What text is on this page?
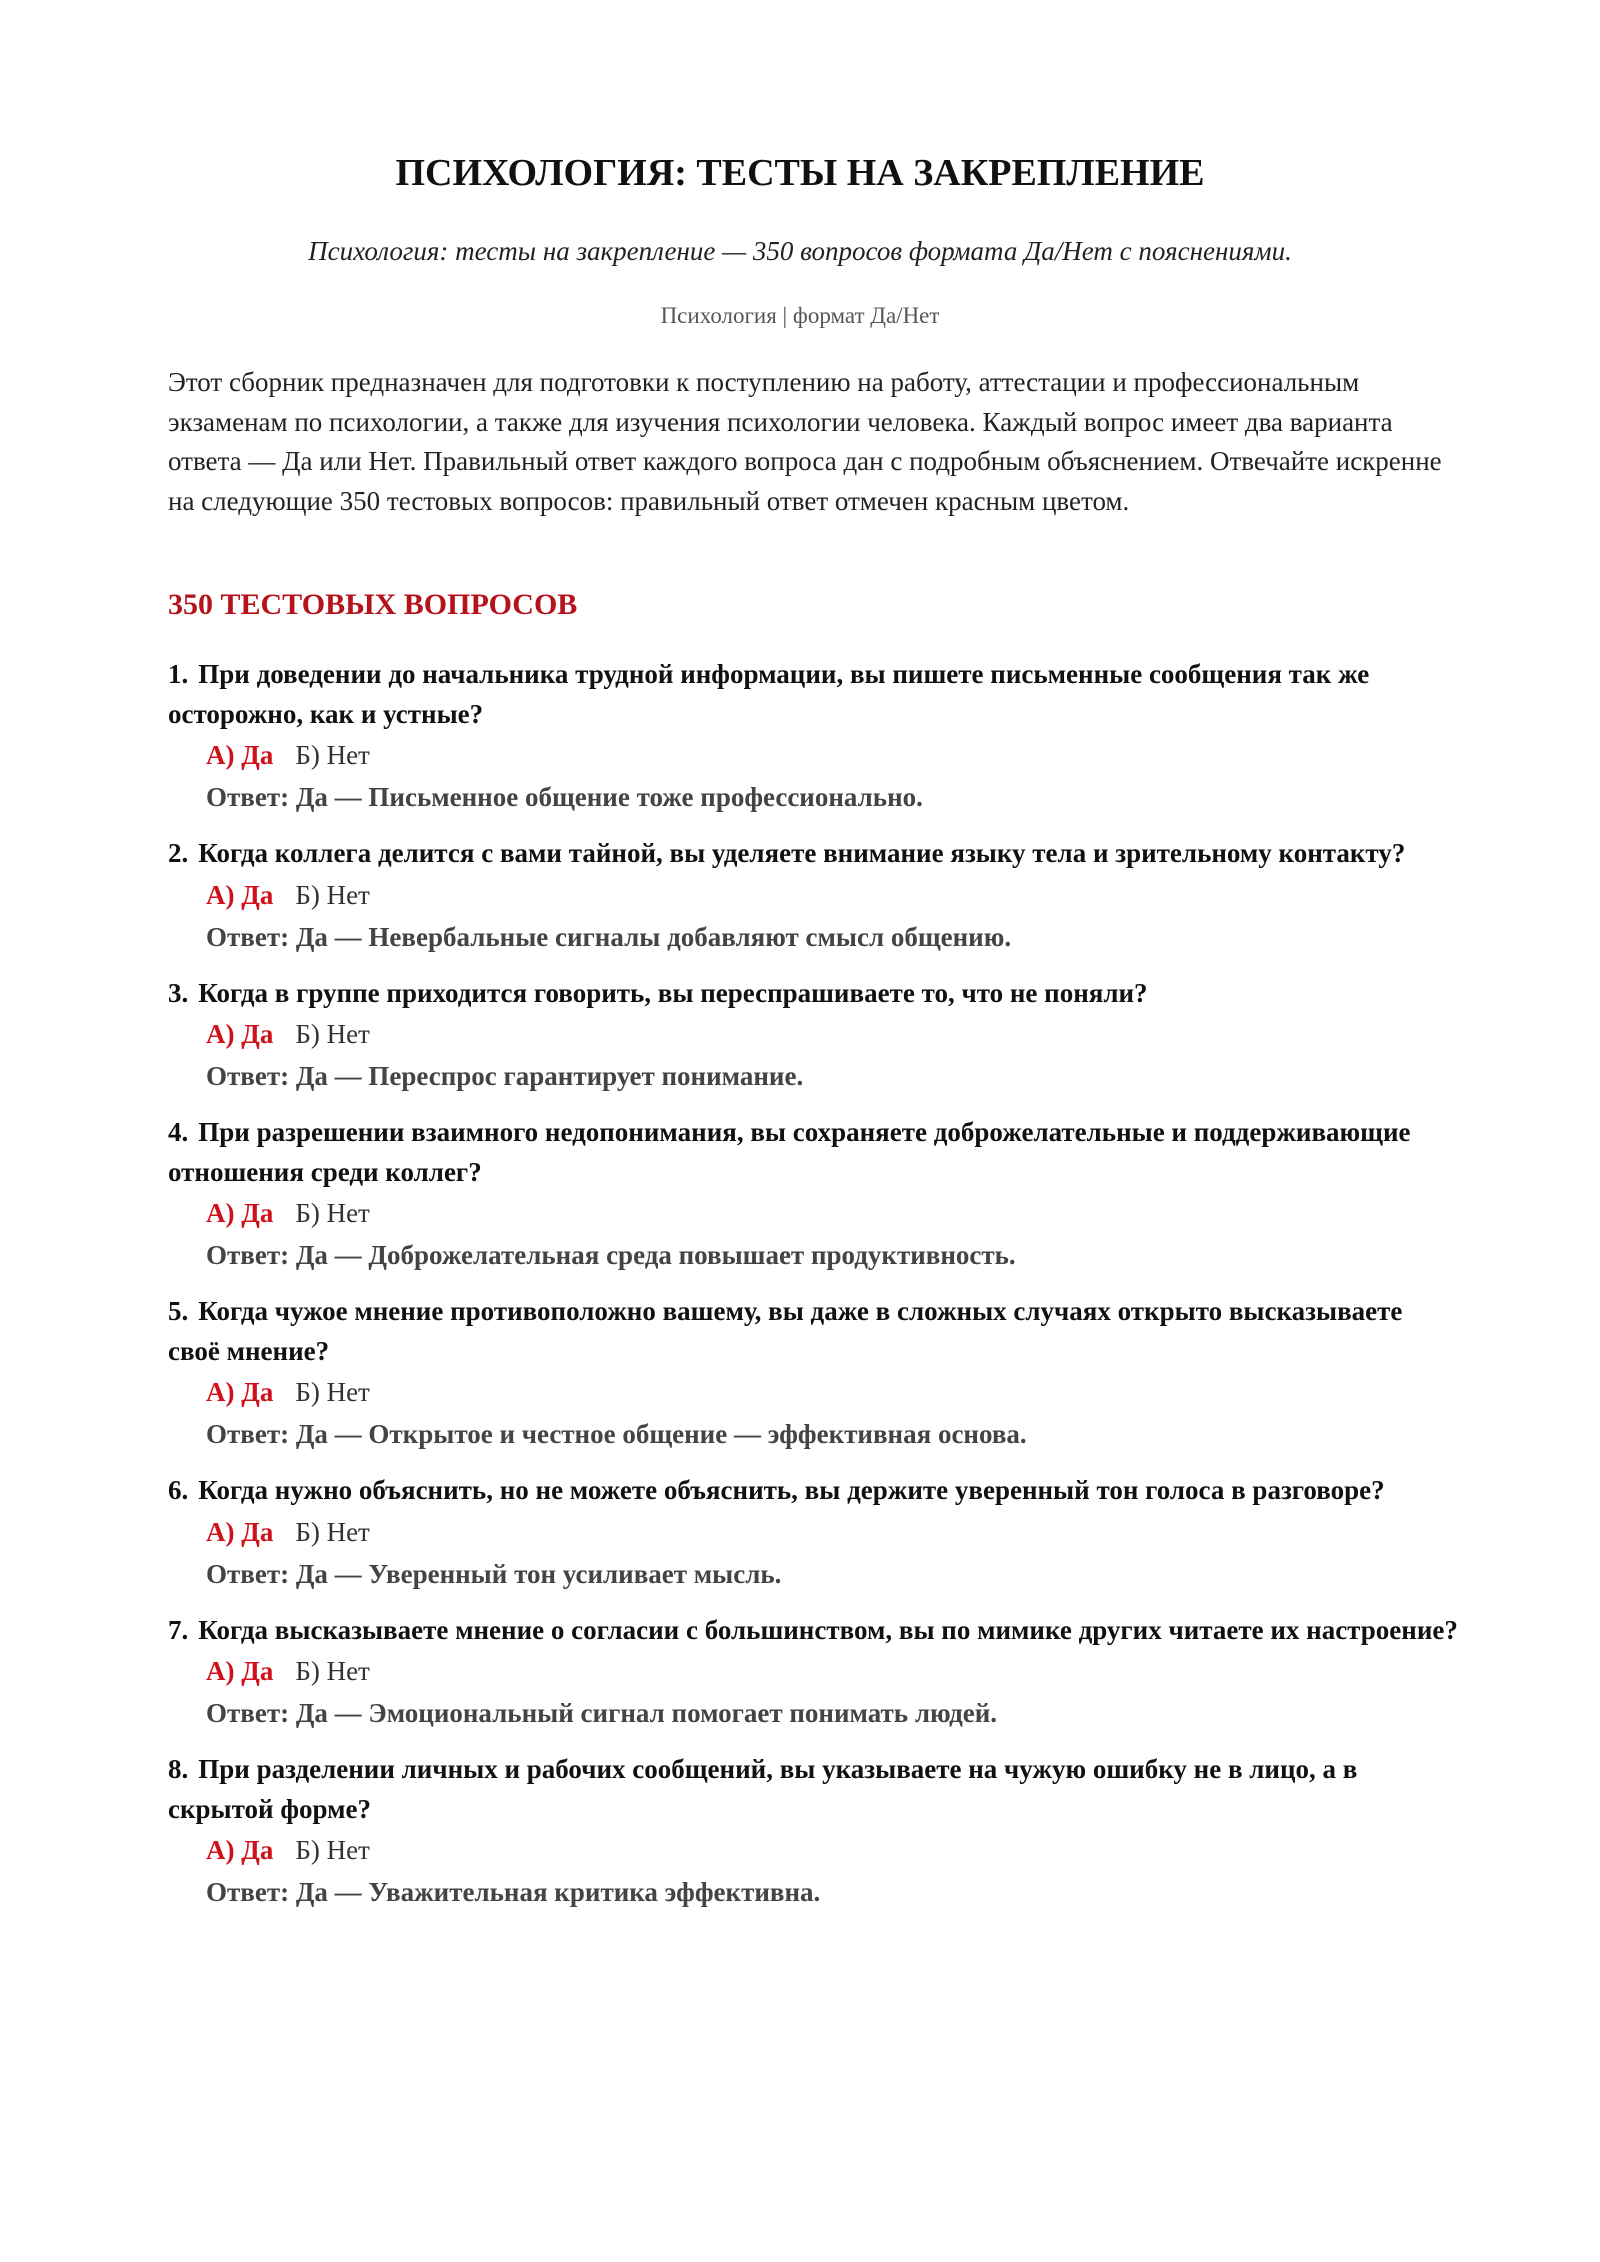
ПСИХОЛОГИЯ: ТЕСТЫ НА ЗАКРЕПЛЕНИЕ
Психология: тесты на закрепление — 350 вопросов формата Да/Нет с пояснениями.
Психология | формат Да/Нет
Этот сборник предназначен для подготовки к поступлению на работу, аттестации и профессиональным экзаменам по психологии, а также для изучения психологии человека. Каждый вопрос имеет два варианта ответа — Да или Нет. Правильный ответ каждого вопроса дан с подробным объяснением. Отвечайте искренне на следующие 350 тестовых вопросов: правильный ответ отмечен красным цветом.
350 ТЕСТОВЫХ ВОПРОСОВ
1. При доведении до начальника трудной информации, вы пишете письменные сообщения так же осторожно, как и устные?
А) Да Б) Нет
Ответ: Да — Письменное общение тоже профессионально.
2. Когда коллега делится с вами тайной, вы уделяете внимание языку тела и зрительному контакту?
А) Да Б) Нет
Ответ: Да — Невербальные сигналы добавляют смысл общению.
3. Когда в группе приходится говорить, вы переспрашиваете то, что не поняли?
А) Да Б) Нет
Ответ: Да — Переспрос гарантирует понимание.
4. При разрешении взаимного недопонимания, вы сохраняете доброжелательные и поддерживающие отношения среди коллег?
А) Да Б) Нет
Ответ: Да — Доброжелательная среда повышает продуктивность.
5. Когда чужое мнение противоположно вашему, вы даже в сложных случаях открыто высказываете своё мнение?
А) Да Б) Нет
Ответ: Да — Открытое и честное общение — эффективная основа.
6. Когда нужно объяснить, но не можете объяснить, вы держите уверенный тон голоса в разговоре?
А) Да Б) Нет
Ответ: Да — Уверенный тон усиливает мысль.
7. Когда высказываете мнение о согласии с большинством, вы по мимике других читаете их настроение?
А) Да Б) Нет
Ответ: Да — Эмоциональный сигнал помогает понимать людей.
8. При разделении личных и рабочих сообщений, вы указываете на чужую ошибку не в лицо, а в скрытой форме?
А) Да Б) Нет
Ответ: Да — Уважительная критика эффективна.
